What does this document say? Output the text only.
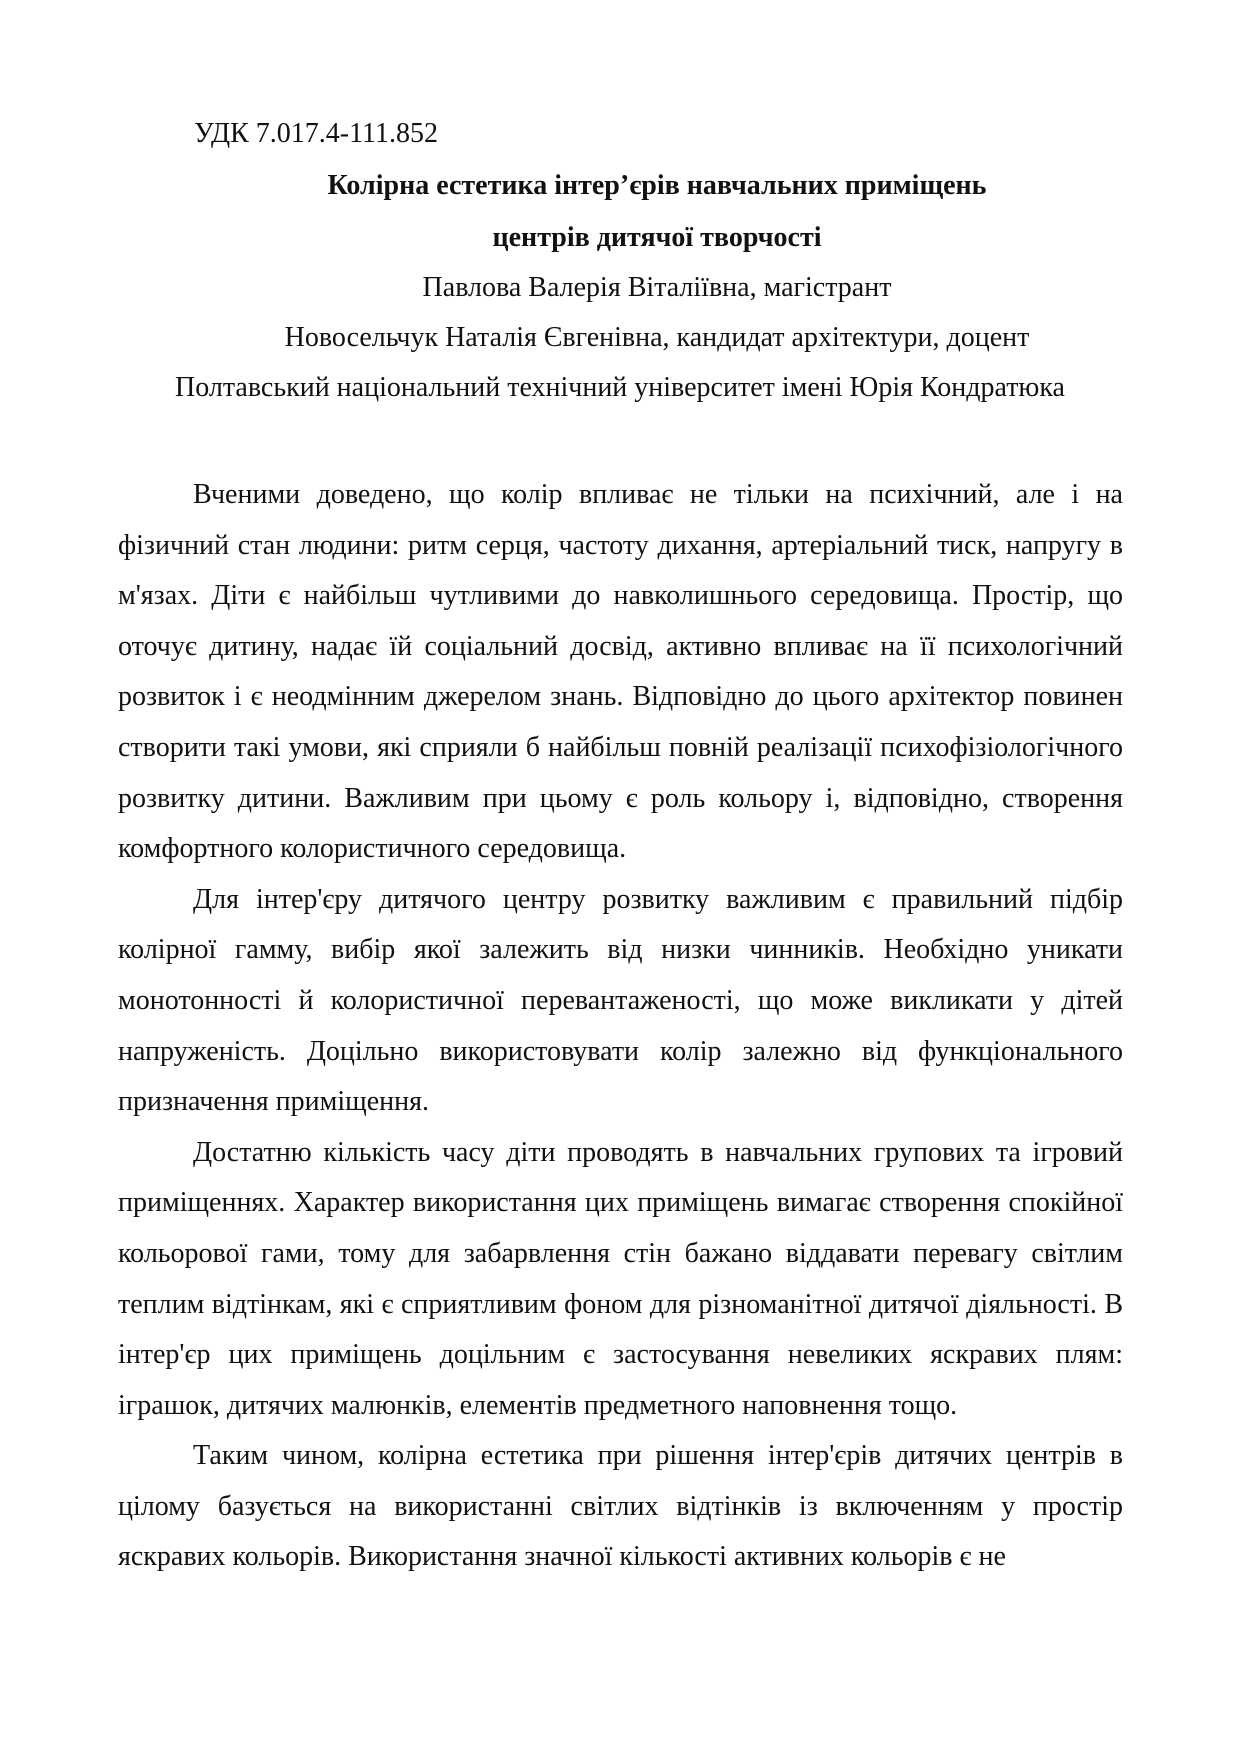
УДК 7.017.4-111.852
Колірна естетика інтер’єрів навчальних приміщень
центрів дитячої творчості
Павлова Валерія Віталіївна, магістрант
Новосельчук Наталія Євгенівна, кандидат архітектури, доцент
Полтавський національний технічний університет імені Юрія Кондратюка

Вченими доведено, що колір впливає не тільки на психічний, але і на фізичний стан людини: ритм серця, частоту дихання, артеріальний тиск, напругу в м'язах. Діти є найбільш чутливими до навколишнього середовища. Простір, що оточує дитину, надає їй соціальний досвід, активно впливає на її психологічний розвиток і є неодмінним джерелом знань. Відповідно до цього архітектор повинен створити такі умови, які сприяли б найбільш повній реалізації психофізіологічного розвитку дитини. Важливим при цьому є роль кольору і, відповідно, створення комфортного колористичного середовища.

Для інтер'єру дитячого центру розвитку важливим є правильний підбір колірної гамму, вибір якої залежить від низки чинників. Необхідно уникати монотонності й колористичної перевантаженості, що може викликати у дітей напруженість. Доцільно використовувати колір залежно від функціонального призначення приміщення.

Достатню кількість часу діти проводять в навчальних групових та ігровий приміщеннях. Характер використання цих приміщень вимагає створення спокійної кольорової гами, тому для забарвлення стін бажано віддавати перевагу світлим теплим відтінкам, які є сприятливим фоном для різноманітної дитячої діяльності. В інтер'єр цих приміщень доцільним є застосування невеликих яскравих плям: іграшок, дитячих малюнків, елементів предметного наповнення тощо.

Таким чином, колірна естетика при рішення інтер'єрів дитячих центрів в цілому базується на використанні світлих відтінків із включенням у простір яскравих кольорів. Використання значної кількості активних кольорів є не
